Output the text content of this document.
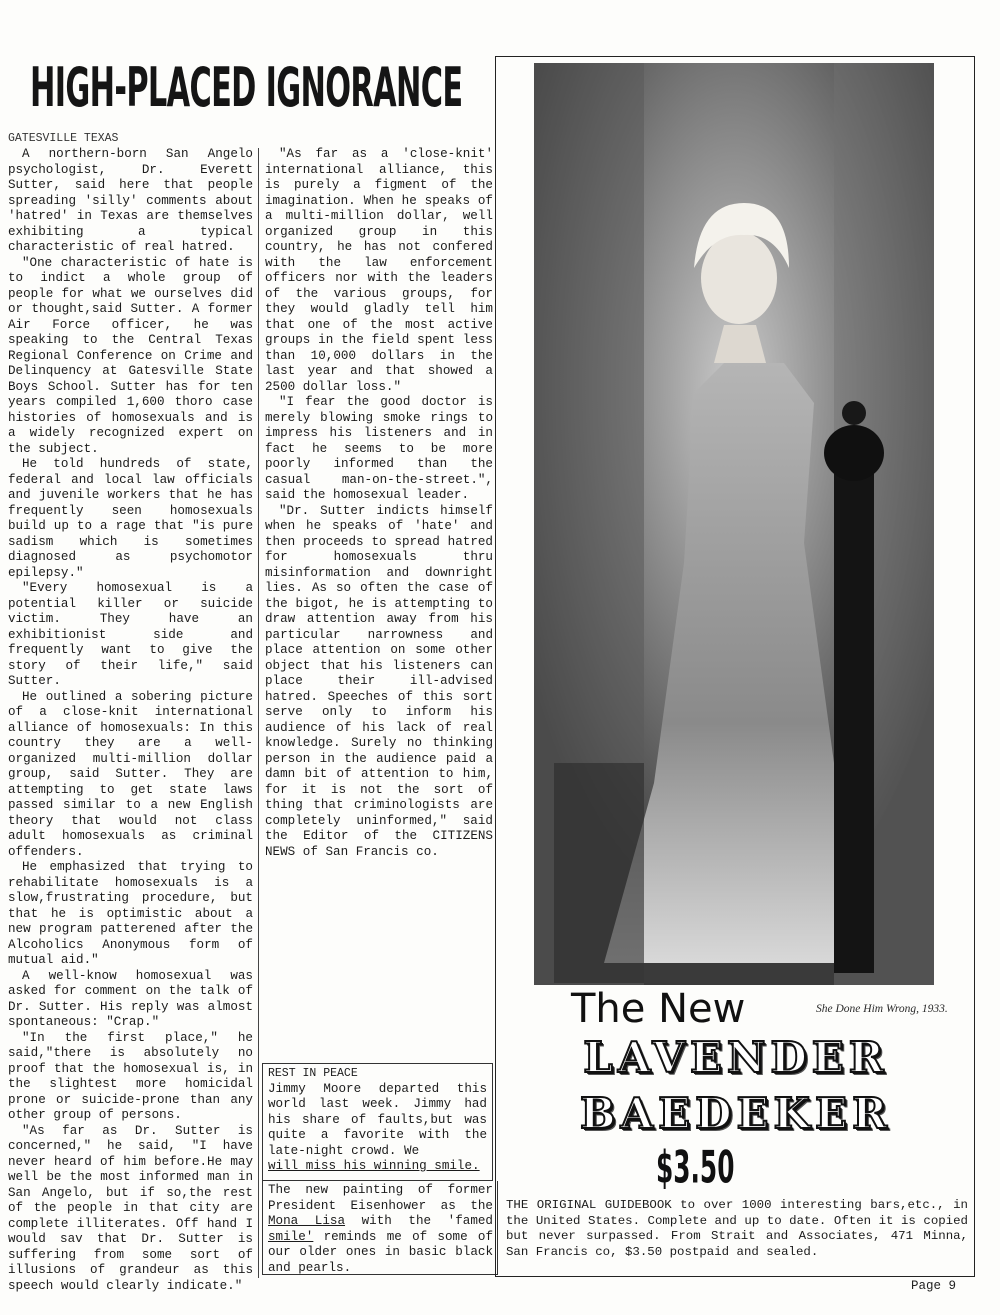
HIGH-PLACED IGNORANCE
GATESVILLE TEXAS

A northern-born San Angelo psychologist, Dr. Everett Sutter, said here that people spreading 'silly' comments about 'hatred' in Texas are themselves exhibiting a typical characteristic of real hatred.

"One characteristic of hate is to indict a whole group of people for what we ourselves did or thought,said Sutter. A former Air Force officer, he was speaking to the Central Texas Regional Conference on Crime and Delinquency at Gatesville State Boys School. Sutter has for ten years compiled 1,600 thoro case histories of homosexuals and is a widely recognized expert on the subject.

He told hundreds of state, federal and local law officials and juvenile workers that he has frequently seen homosexuals build up to a rage that "is pure sadism which is sometimes diagnosed as psychomotor epilepsy."

"Every homosexual is a potential killer or suicide victim. They have an exhibitionist side and frequently want to give the story of their life," said Sutter.

He outlined a sobering picture of a close-knit international alliance of homosexuals: In this country they are a well-organized multi-million dollar group, said Sutter. They are attempting to get state laws passed similar to a new English theory that would not class adult homosexuals as criminal offenders.

He emphasized that trying to rehabilitate homosexuals is a slow,frustrating procedure, but that he is optimistic about a new program patterened after the Alcoholics Anonymous form of mutual aid."

A well-know homosexual was asked for comment on the talk of Dr. Sutter. His reply was almost spontaneous: "Crap."

"In the first place," he said,"there is absolutely no proof that the homosexual is, in the slightest more homicidal prone or suicide-prone than any other group of persons.

"As far as Dr. Sutter is concerned," he said, "I have never heard of him before.He may well be the most informed man in San Angelo, but if so,the rest of the people in that city are complete illiterates. Off hand I would sav that Dr. Sutter is suffering from some sort of illusions of grandeur as this speech would clearly indicate."

"As far as a 'close-knit' international alliance, this is purely a figment of the imagination. When he speaks of a multi-million dollar, well organized group in this country, he has not confered with the law enforcement officers nor with the leaders of the various groups, for they would gladly tell him that one of the most active groups in the field spent less than 10,000 dollars in the last year and that showed a 2500 dollar loss."

"I fear the good doctor is merely blowing smoke rings to impress his listeners and in fact he seems to be more poorly informed than the casual man-on-the-street.", said the homosexual leader.

"Dr. Sutter indicts himself when he speaks of 'hate' and then proceeds to spread hatred for homosexuals thru misinformation and downright lies. As so often the case of the bigot, he is attempting to draw attention away from his particular narrowness and place attention on some other object that his listeners can place their ill-advised hatred. Speeches of this sort serve only to inform his audience of his lack of real knowledge. Surely no thinking person in the audience paid a damn bit of attention to him, for it is not the sort of thing that criminologists are completely uninformed," said the Editor of the CITIZENS NEWS of San Francis co.

REST IN PEACE
Jimmy Moore departed this world last week. Jimmy had his share of faults,but was quite a favorite with the late-night crowd. We
will miss his winning smile.
The new painting of former President Eisenhower as the Mona Lisa with the 'famed smile' reminds me of some of our older ones in basic black and pearls.
She Done Him Wrong, 1933.
The New
LAVENDER
BAEDEKER
$3.50
THE ORIGINAL GUIDEBOOK to over 1000 interesting bars,etc., in the United States. Complete and up to date. Often it is copied but never surpassed. From Strait and Associates, 471 Minna, San Francis co, $3.50 postpaid and sealed.
Page 9
